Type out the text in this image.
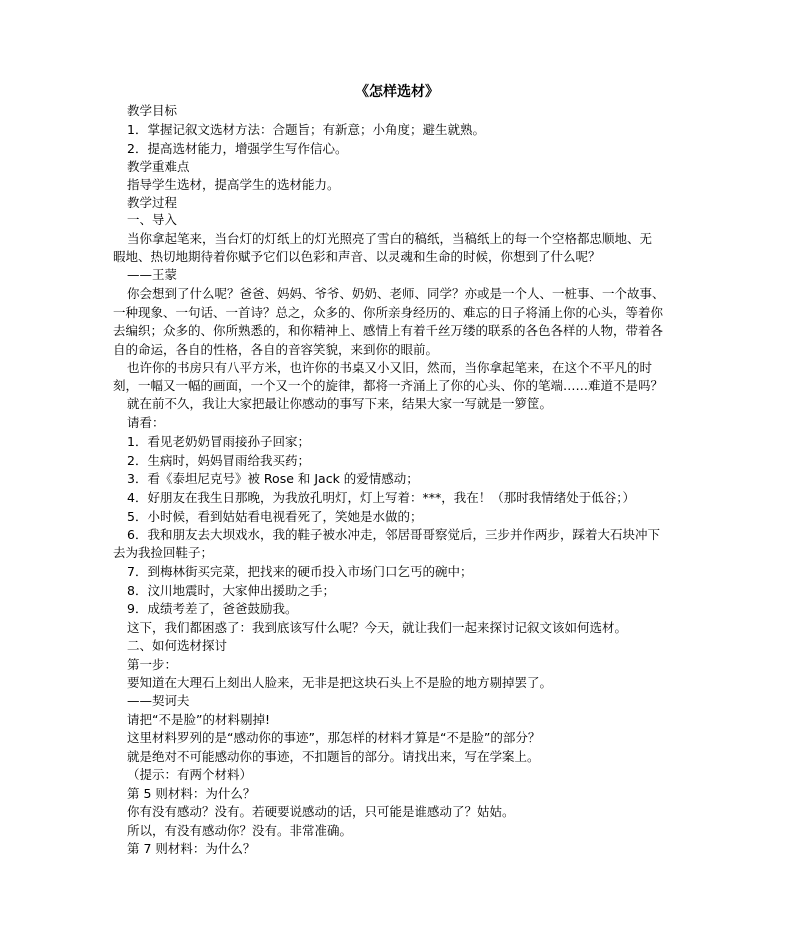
《怎样选材》
教学目标
1．掌握记叙文选材方法：合题旨；有新意；小角度；避生就熟。
2．提高选材能力，增强学生写作信心。
教学重难点
指导学生选材，提高学生的选材能力。
教学过程
一、导入
当你拿起笔来，当台灯的灯纸上的灯光照亮了雪白的稿纸，当稿纸上的每一个空格都忠顺地、无
暇地、热切地期待着你赋予它们以色彩和声音、以灵魂和生命的时候，你想到了什么呢？
——王蒙
你会想到了什么呢？爸爸、妈妈、爷爷、奶奶、老师、同学？亦或是一个人、一桩事、一个故事、
一种现象、一句话、一首诗？总之，众多的、你所亲身经历的、难忘的日子将涌上你的心头，等着你
去编织；众多的、你所熟悉的，和你精神上、感情上有着千丝万缕的联系的各色各样的人物，带着各
自的命运，各自的性格，各自的音容笑貌，来到你的眼前。
也许你的书房只有八平方米，也许你的书桌又小又旧，然而，当你拿起笔来，在这个不平凡的时
刻，一幅又一幅的画面，一个又一个的旋律，都将一齐涌上了你的心头、你的笔端……难道不是吗？
就在前不久，我让大家把最让你感动的事写下来，结果大家一写就是一箩筐。
请看：
1．看见老奶奶冒雨接孙子回家；
2．生病时，妈妈冒雨给我买药；
3．看《泰坦尼克号》被 Rose 和 Jack 的爱情感动；
4．好朋友在我生日那晚，为我放孔明灯，灯上写着：***，我在！（那时我情绪处于低谷；）
5．小时候，看到姑姑看电视看死了，笑她是水做的；
6．我和朋友去大坝戏水，我的鞋子被水冲走，邻居哥哥察觉后，三步并作两步，踩着大石块冲下
去为我捡回鞋子；
7．到梅林街买完菜，把找来的硬币投入市场门口乞丐的碗中；
8．汶川地震时，大家伸出援助之手；
9．成绩考差了，爸爸鼓励我。
这下，我们都困惑了：我到底该写什么呢？今天，就让我们一起来探讨记叙文该如何选材。
二、如何选材探讨
第一步：
要知道在大理石上刻出人脸来，无非是把这块石头上不是脸的地方剔掉罢了。
——契诃夫
请把“不是脸”的材料剔掉!
这里材料罗列的是“感动你的事迹”，那怎样的材料才算是“不是脸”的部分？
就是绝对不可能感动你的事迹，不扣题旨的部分。请找出来，写在学案上。
（提示：有两个材料）
第 5 则材料：为什么？
你有没有感动？没有。若硬要说感动的话，只可能是谁感动了？姑姑。
所以，有没有感动你？没有。非常准确。
第 7 则材料：为什么？
